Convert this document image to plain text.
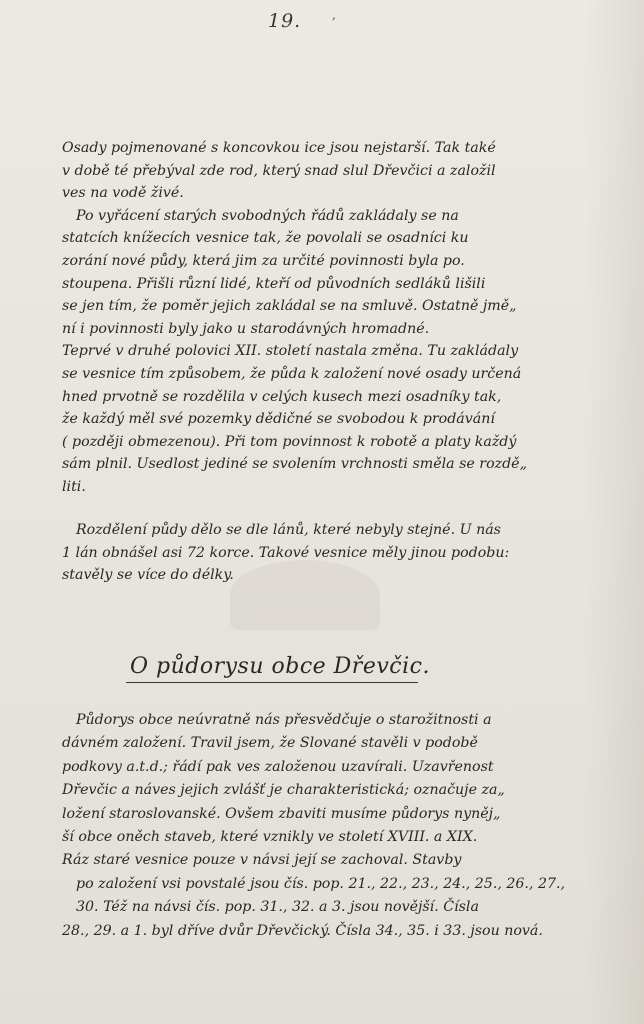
19.	,

Osady pojmenované s koncovkou ice jsou nejstarší. Tak také
v době té přebýval zde rod, který snad slul Dřevčici a založil
ves na vodě živé.
Po vyřácení starých svobodných řádů zakládaly se na
statcích knížecích vesnice tak, že povolali se osadníci ku
zorání nové půdy, která jim za určité povinnosti byla po.
stoupena. Přišli různí lidé, kteří od původních sedláků lišili
se jen tím, že poměr jejich zakládal se na smluvě. Ostatně jmě„
ní i povinnosti byly jako u starodávných hromadné.
Teprvé v druhé polovici XII. století nastala změna. Tu zakládaly
se vesnice tím způsobem, že půda k založení nové osady určená
hned prvotně se rozdělila v celých kusech mezi osadníky tak,
že každý měl své pozemky dědičné se svobodou k prodávání
( později obmezenou). Při tom povinnost k robotě a platy každý
sám plnil. Usedlost jediné se svolením vrchnosti směla se rozdě„
liti.

Rozdělení půdy dělo se dle lánů, které nebyly stejné. U nás
1 lán obnášel asi 72 korce. Takové vesnice měly jinou podobu:
stavěly se více do délky.

O půdorysu obce Dřevčic.

Půdorys obce neúvratně nás přesvědčuje o starožitnosti a
dávném založení. Travil jsem, že Slované stavěli v podobě
podkovy a.t.d.; řádí pak ves založenou uzavírali. Uzavřenost
Dřevčic a náves jejich zvlášť je charakteristická; označuje za„
ložení staroslovanské. Ovšem zbaviti musíme půdorys nyněj„
ší obce oněch staveb, které vznikly ve století XVIII. a XIX.
Ráz staré vesnice pouze v návsi její se zachoval. Stavby
po založení vsi povstalé jsou čís. pop. 21., 22., 23., 24., 25., 26., 27.,
30. Též na návsi čís. pop. 31., 32. a 3. jsou novější. Čísla
28., 29. a 1. byl dříve dvůr Dřevčický. Čísla 34., 35. i 33. jsou nová.
